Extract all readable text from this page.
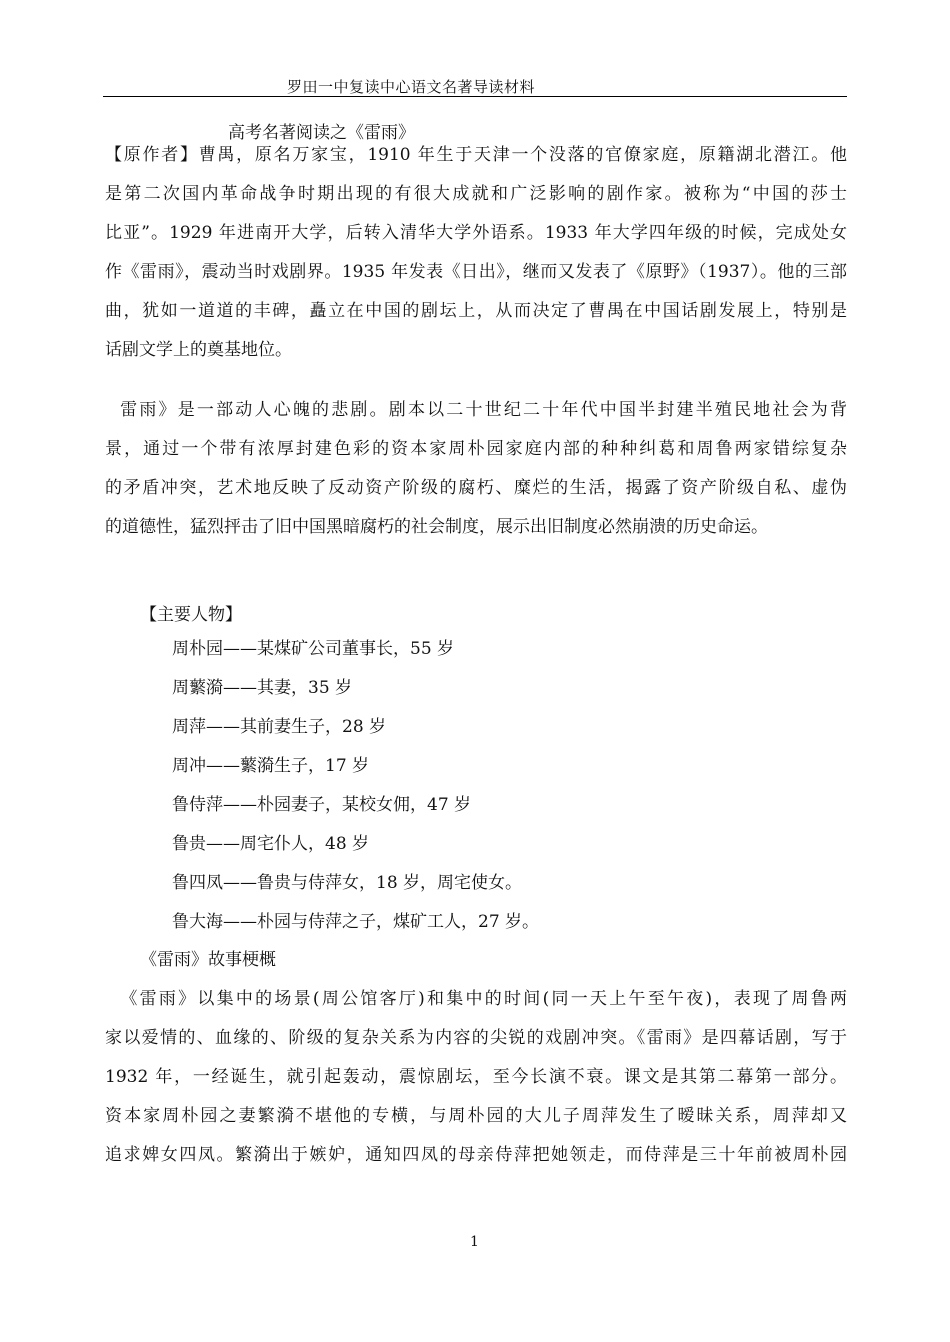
罗田一中复读中心语文名著导读材料
高考名著阅读之《雷雨》
【原作者】曹禺，原名万家宝，1910 年生于天津一个没落的官僚家庭，原籍湖北潜江。他
是第二次国内革命战争时期出现的有很大成就和广泛影响的剧作家。被称为“中国的莎士
比亚”。1929 年进南开大学，后转入清华大学外语系。1933 年大学四年级的时候，完成处女
作《雷雨》，震动当时戏剧界。1935 年发表《日出》，继而又发表了《原野》（1937）。他的三部
曲，犹如一道道的丰碑，矗立在中国的剧坛上，从而决定了曹禺在中国话剧发展上，特别是
话剧文学上的奠基地位。
雷雨》是一部动人心魄的悲剧。剧本以二十世纪二十年代中国半封建半殖民地社会为背
景，通过一个带有浓厚封建色彩的资本家周朴园家庭内部的种种纠葛和周鲁两家错综复杂
的矛盾冲突，艺术地反映了反动资产阶级的腐朽、糜烂的生活，揭露了资产阶级自私、虚伪
的道德性，猛烈抨击了旧中国黑暗腐朽的社会制度，展示出旧制度必然崩溃的历史命运。
【主要人物】
周朴园——某煤矿公司董事长，55 岁
周蘩漪——其妻，35 岁
周萍——其前妻生子，28 岁
周冲——蘩漪生子，17 岁
鲁侍萍——朴园妻子，某校女佣，47 岁
鲁贵——周宅仆人，48 岁
鲁四凤——鲁贵与侍萍女，18 岁，周宅使女。
鲁大海——朴园与侍萍之子，煤矿工人，27 岁。
《雷雨》故事梗概
《雷雨》以集中的场景(周公馆客厅)和集中的时间(同一天上午至午夜)，表现了周鲁两
家以爱情的、血缘的、阶级的复杂关系为内容的尖锐的戏剧冲突。《雷雨》是四幕话剧，写于
1932 年，一经诞生，就引起轰动，震惊剧坛，至今长演不衰。课文是其第二幕第一部分。
资本家周朴园之妻繁漪不堪他的专横，与周朴园的大儿子周萍发生了暧昧关系，周萍却又
追求婢女四凤。繁漪出于嫉妒，通知四凤的母亲侍萍把她领走，而侍萍是三十年前被周朴园
1
